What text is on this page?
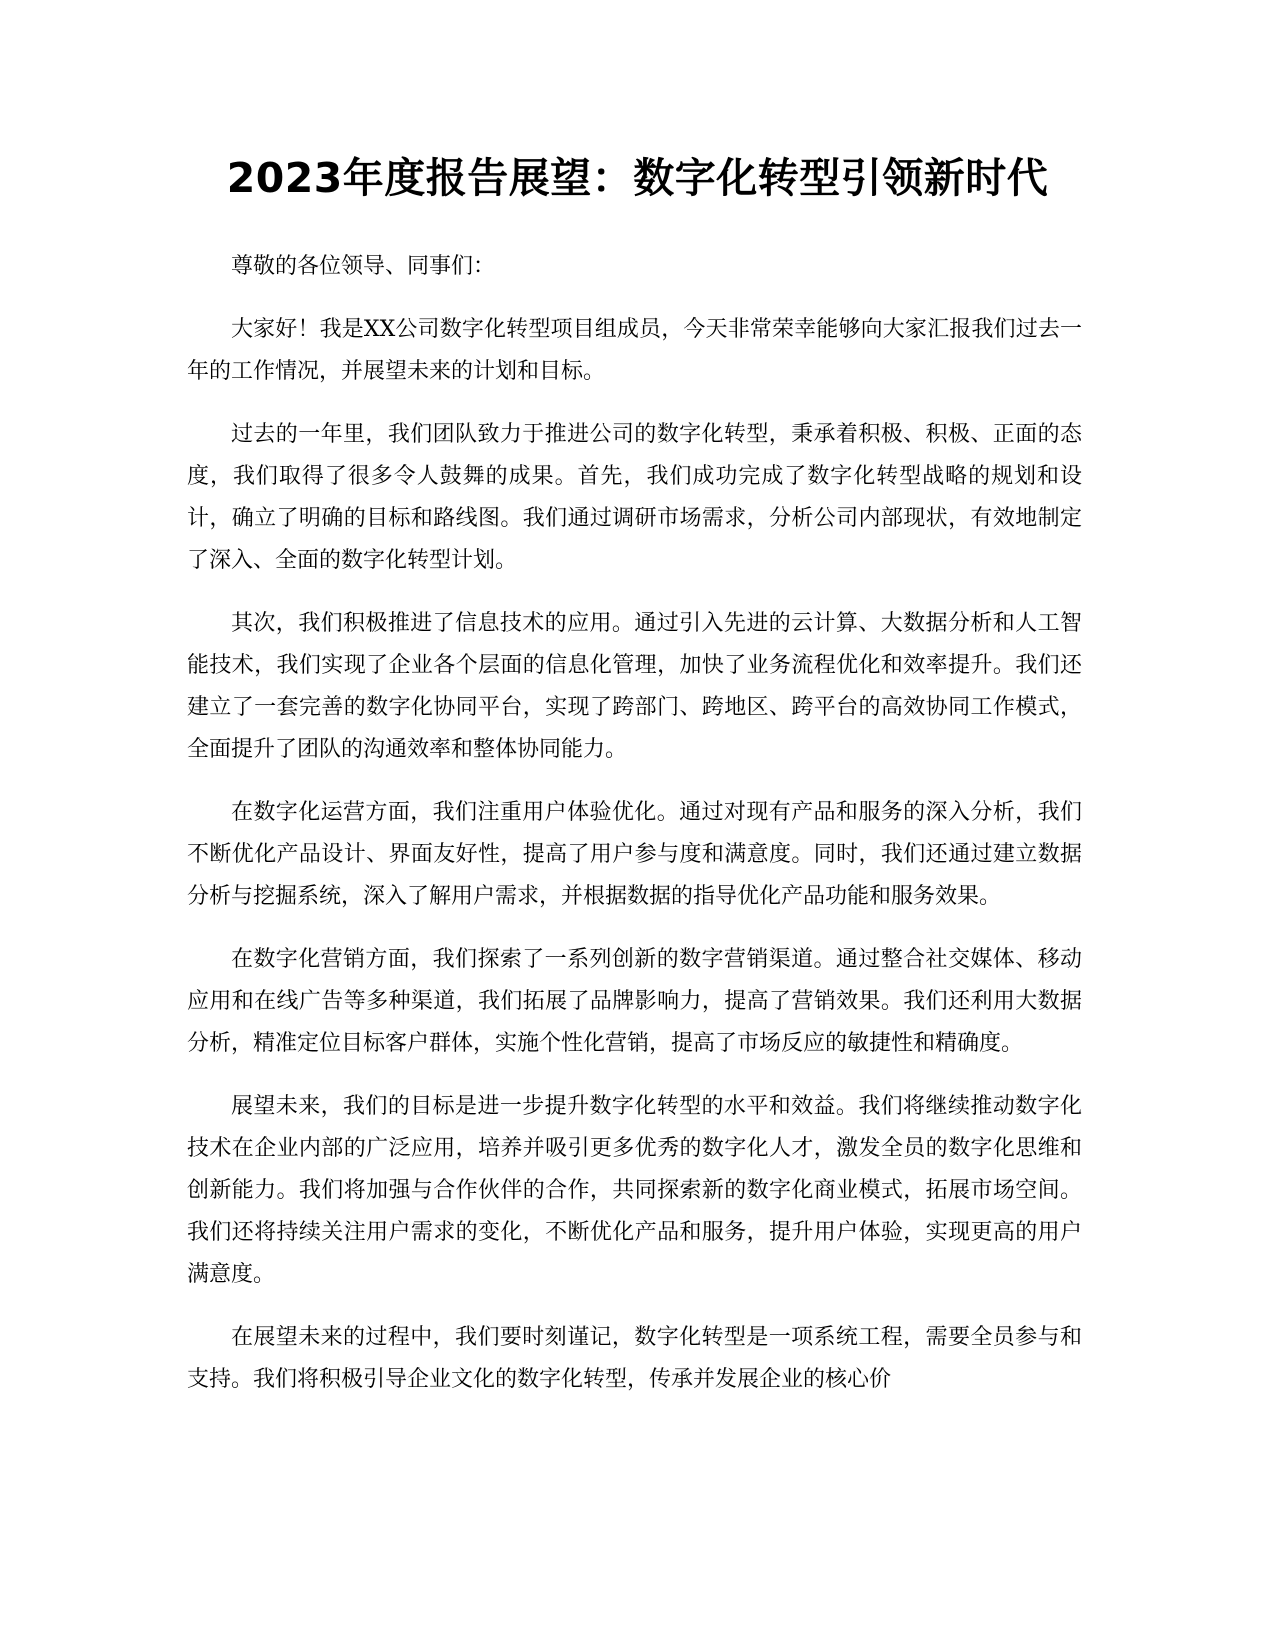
2023年度报告展望：数字化转型引领新时代

尊敬的各位领导、同事们：

大家好！我是XX公司数字化转型项目组成员，今天非常荣幸能够向大家汇报我们过去一年的工作情况，并展望未来的计划和目标。

过去的一年里，我们团队致力于推进公司的数字化转型，秉承着积极、积极、正面的态度，我们取得了很多令人鼓舞的成果。首先，我们成功完成了数字化转型战略的规划和设计，确立了明确的目标和路线图。我们通过调研市场需求，分析公司内部现状，有效地制定了深入、全面的数字化转型计划。

其次，我们积极推进了信息技术的应用。通过引入先进的云计算、大数据分析和人工智能技术，我们实现了企业各个层面的信息化管理，加快了业务流程优化和效率提升。我们还建立了一套完善的数字化协同平台，实现了跨部门、跨地区、跨平台的高效协同工作模式，全面提升了团队的沟通效率和整体协同能力。

在数字化运营方面，我们注重用户体验优化。通过对现有产品和服务的深入分析，我们不断优化产品设计、界面友好性，提高了用户参与度和满意度。同时，我们还通过建立数据分析与挖掘系统，深入了解用户需求，并根据数据的指导优化产品功能和服务效果。

在数字化营销方面，我们探索了一系列创新的数字营销渠道。通过整合社交媒体、移动应用和在线广告等多种渠道，我们拓展了品牌影响力，提高了营销效果。我们还利用大数据分析，精准定位目标客户群体，实施个性化营销，提高了市场反应的敏捷性和精确度。

展望未来，我们的目标是进一步提升数字化转型的水平和效益。我们将继续推动数字化技术在企业内部的广泛应用，培养并吸引更多优秀的数字化人才，激发全员的数字化思维和创新能力。我们将加强与合作伙伴的合作，共同探索新的数字化商业模式，拓展市场空间。我们还将持续关注用户需求的变化，不断优化产品和服务，提升用户体验，实现更高的用户满意度。

在展望未来的过程中，我们要时刻谨记，数字化转型是一项系统工程，需要全员参与和支持。我们将积极引导企业文化的数字化转型，传承并发展企业的核心价
